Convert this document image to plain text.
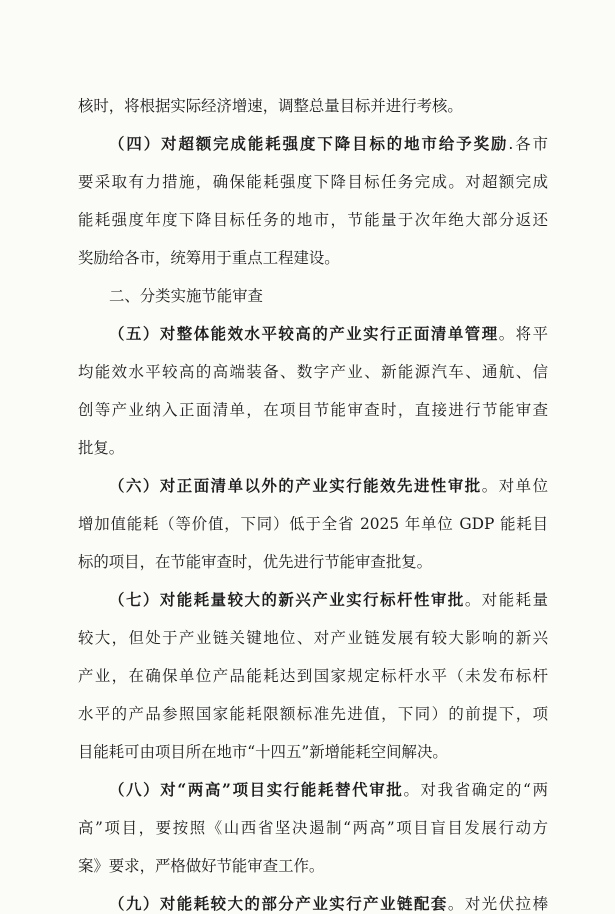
核时，将根据实际经济增速，调整总量目标并进行考核。
（四）对超额完成能耗强度下降目标的地市给予奖励.各市
要采取有力措施，确保能耗强度下降目标任务完成。对超额完成
能耗强度年度下降目标任务的地市，节能量于次年绝大部分返还
奖励给各市，统筹用于重点工程建设。
二、分类实施节能审查
（五）对整体能效水平较高的产业实行正面清单管理。将平
均能效水平较高的高端装备、数字产业、新能源汽车、通航、信
创等产业纳入正面清单，在项目节能审查时，直接进行节能审查
批复。
（六）对正面清单以外的产业实行能效先进性审批。对单位
增加值能耗（等价值，下同）低于全省 2025 年单位 GDP 能耗目
标的项目，在节能审查时，优先进行节能审查批复。
（七）对能耗量较大的新兴产业实行标杆性审批。对能耗量
较大，但处于产业链关键地位、对产业链发展有较大影响的新兴
产业，在确保单位产品能耗达到国家规定标杆水平（未发布标杆
水平的产品参照国家能耗限额标准先进值，下同）的前提下，项
目能耗可由项目所在地市“十四五”新增能耗空间解决。
（八）对“两高”项目实行能耗替代审批。对我省确定的“两
高”项目，要按照《山西省坚决遏制“两高”项目盲目发展行动方
案》要求，严格做好节能审查工作。
（九）对能耗较大的部分产业实行产业链配套。对光伏拉棒
